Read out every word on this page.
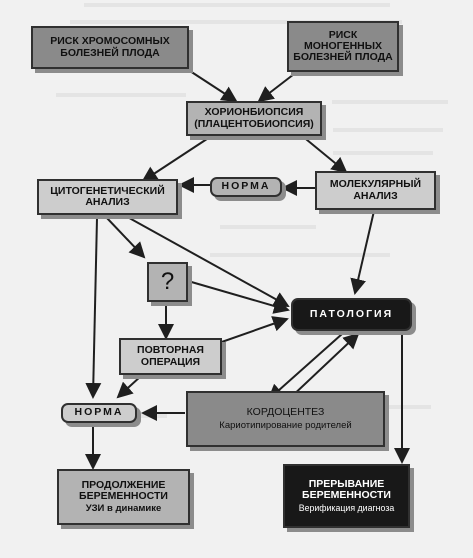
РИСК ХРОМОСОМНЫХ
БОЛЕЗНЕЙ ПЛОДА
РИСК
МОНОГЕННЫХ
БОЛЕЗНЕЙ ПЛОДА
ХОРИОНБИОПСИЯ
(ПЛАЦЕНТОБИОПСИЯ)
ЦИТОГЕНЕТИЧЕСКИЙ
АНАЛИЗ
НОРМА	МОЛЕКУЛЯРНЫЙ
АНАЛИЗ
?
ПАТОЛОГИЯ
ПОВТОРНАЯ
ОПЕРАЦИЯ
НОРМА	КОРДОЦЕНТЕЗ
Кариотипирование родителей
ПРОДОЛЖЕНИЕ
БЕРЕМЕННОСТИ
УЗИ в динамике
ПРЕРЫВАНИЕ
БЕРЕМЕННОСТИ
Верификация диагноза
